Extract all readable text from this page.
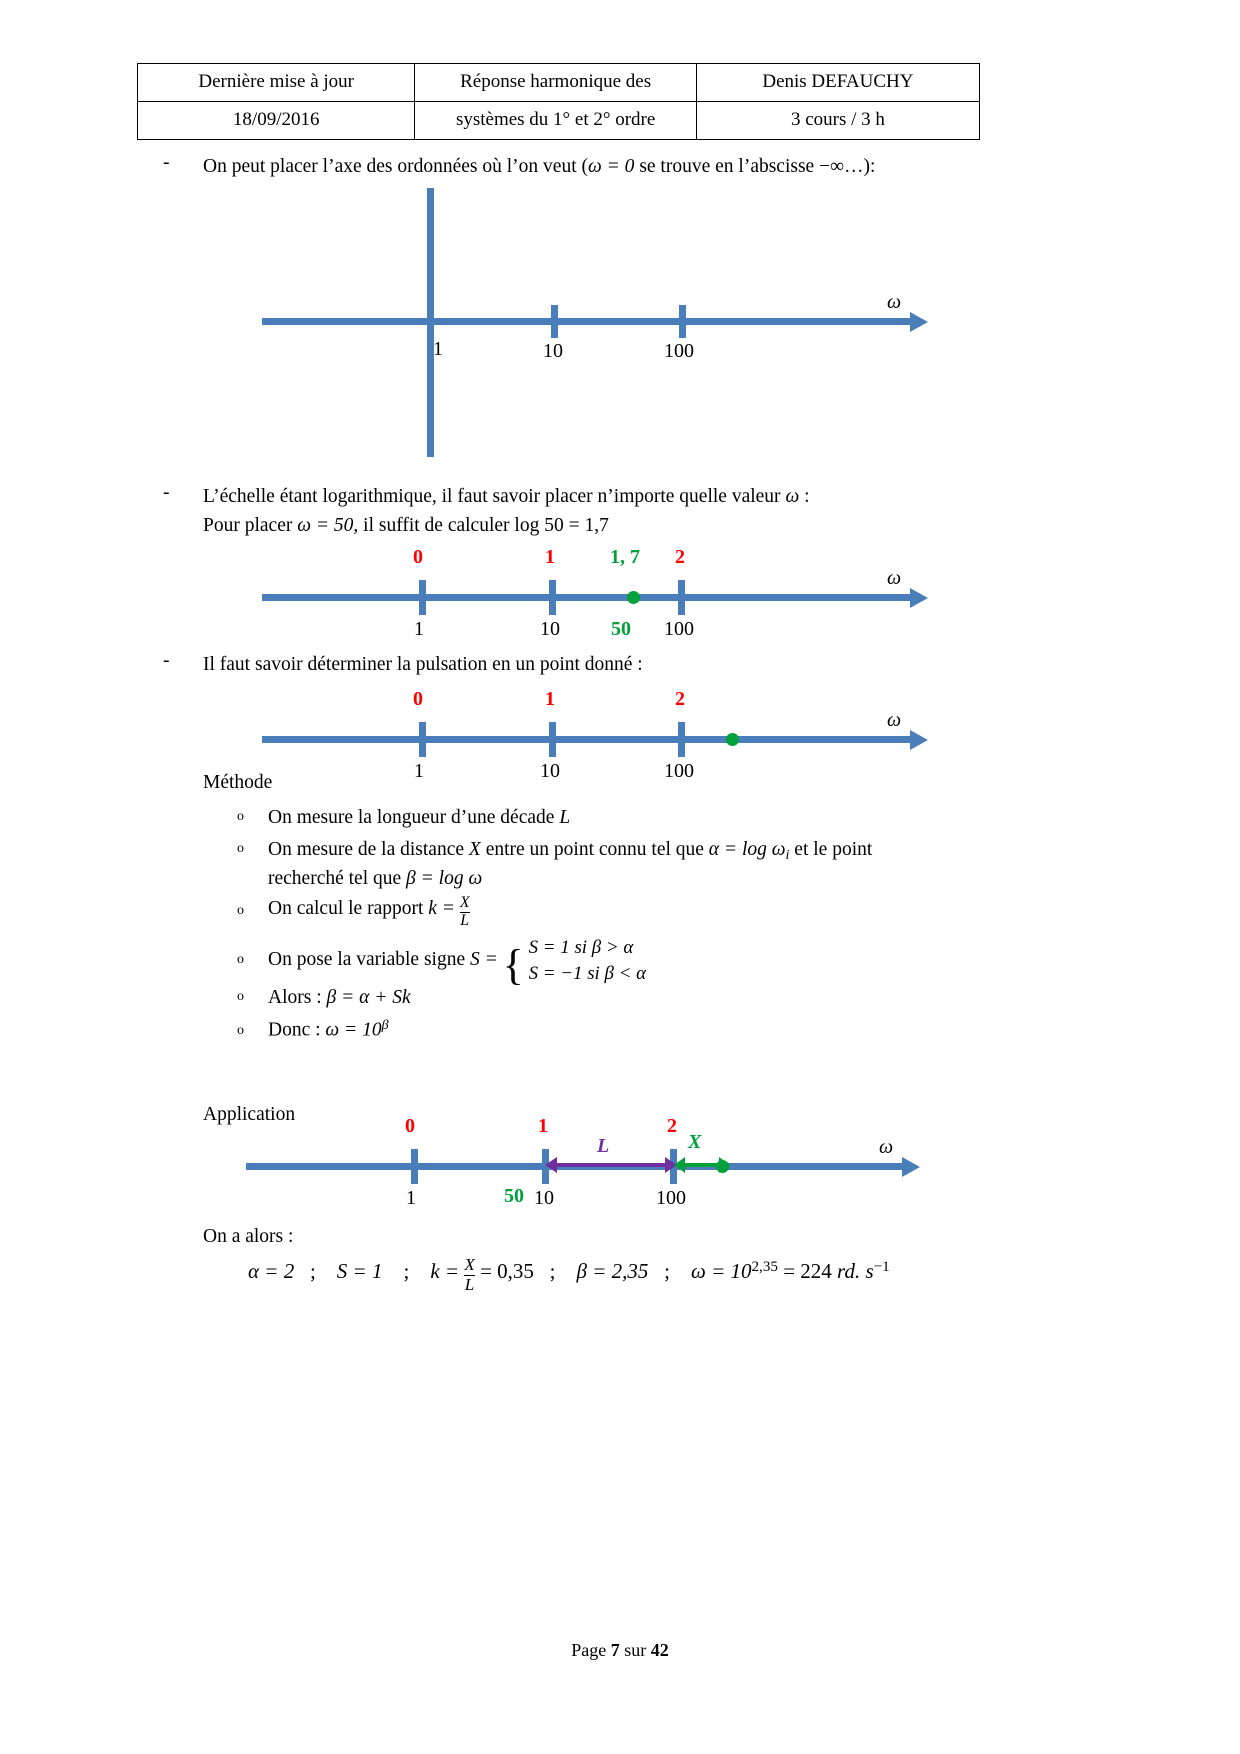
Dernière mise à jour	Réponse harmonique des	Denis DEFAUCHY
18/09/2016	systèmes du 1° et 2° ordre	3 cours / 3 h
- On peut placer l’axe des ordonnées où l’on veut (ω = 0 se trouve en l’abscisse −∞…):
1	10	100
ω
- L’échelle étant logarithmique, il faut savoir placer n’importe quelle valeur ω :
Pour placer ω = 50, il suffit de calculer log 50 = 1,7
0	1	1, 7 2
1	10	50 100
ω
- Il faut savoir déterminer la pulsation en un point donné :
0	1	2
1	10	100
ω
Méthode
o On mesure la longueur d’une décade L
o On mesure de la distance X entre un point connu tel que $\alpha = \log \omega_i$ et le point
recherché tel que β = log ω
o On calcul le rapport $k = \frac{X}{L}$
o On pose la variable signe S = { S = 1 si β > α
S = −1 si β < α
o Alors : β = α + Sk
o Donc : $\omega = 10^\beta$
Application
L	X
0	1	2
1	50 10	100
ω
On a alors :
α = 2 ; S = 1 ; $k = \frac{X}{L} = 0,35$ ; β = 2,35 ; $\omega = 10^{2,35} = 224$ rd. $s^{-1}$
Page 7 sur 42
